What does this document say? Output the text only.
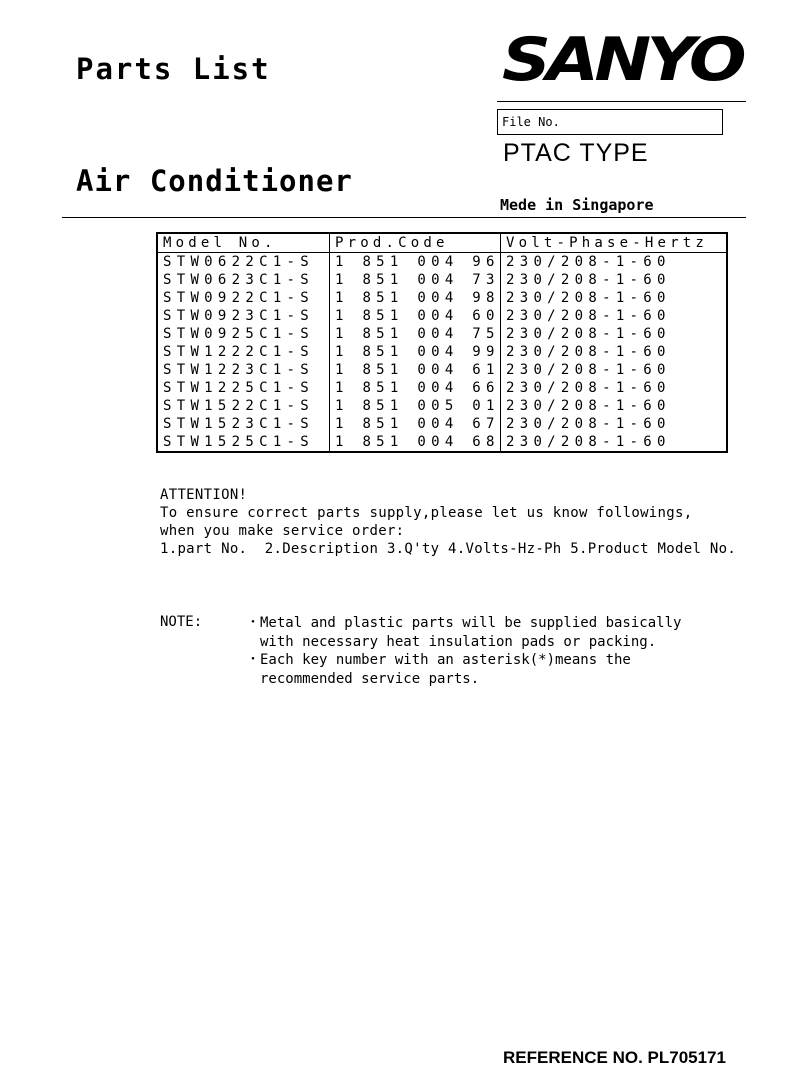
Parts List	SANYO
File No.
PTAC TYPE
Air Conditioner
Mede in Singapore
Model No.	Prod.Code	Volt-Phase-Hertz
STW0622C1-S	1 851 004 96	230/208-1-60
STW0623C1-S	1 851 004 73	230/208-1-60
STW0922C1-S	1 851 004 98	230/208-1-60
STW0923C1-S	1 851 004 60	230/208-1-60
STW0925C1-S	1 851 004 75	230/208-1-60
STW1222C1-S	1 851 004 99	230/208-1-60
STW1223C1-S	1 851 004 61	230/208-1-60
STW1225C1-S	1 851 004 66	230/208-1-60
STW1522C1-S	1 851 005 01	230/208-1-60
STW1523C1-S	1 851 004 67	230/208-1-60
STW1525C1-S	1 851 004 68	230/208-1-60
ATTENTION!
To ensure correct parts supply,please let us know followings,
when you make service order:
1.part No.  2.Description 3.Q'ty 4.Volts-Hz-Ph 5.Product Model No.
NOTE:	・Metal and plastic parts will be supplied basically with necessary heat insulation pads or packing.
・Each key number with an asterisk(*)means the recommended service parts.
REFERENCE NO. PL705171
